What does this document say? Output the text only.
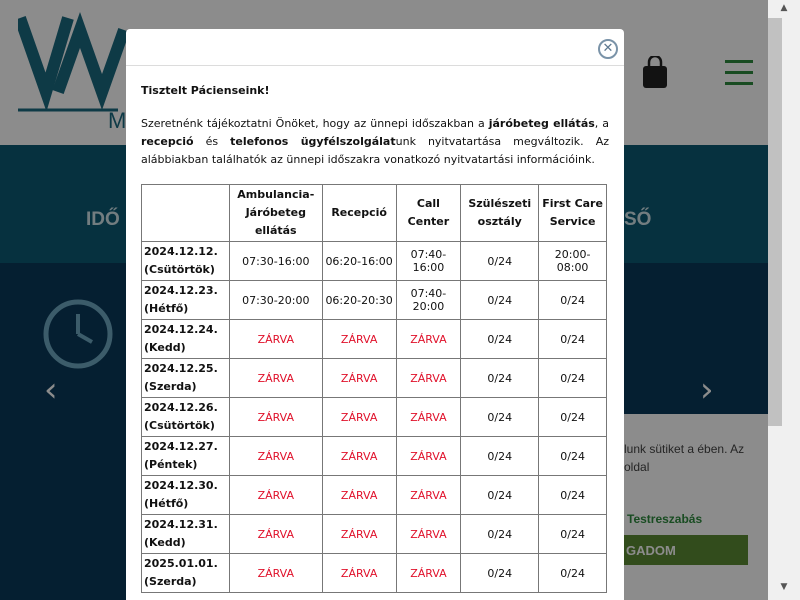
M
IDŐ	SŐ
‹	›
lunk sütiket a ében. Az oldal
Testreszabás
GADOM
▲
▼
✕
Tisztelt Pácienseink!
Szeretnénk tájékoztatni Önöket, hogy az ünnepi időszakban a járóbeteg ellátás, a recepció és telefonos ügyfélszolgálatunk nyitvatartása megváltozik. Az alábbiakban találhatók az ünnepi időszakra vonatkozó nyitvatartási információink.
	Ambulancia-Járóbeteg ellátás	Recepció	Call Center	Szülészeti osztály	First Care Service
2024.12.12.
(Csütörtök)	07:30-16:00	06:20-16:00	07:40-16:00	0/24	20:00-08:00
2024.12.23.
(Hétfő)	07:30-20:00	06:20-20:30	07:40-20:00	0/24	0/24
2024.12.24.
(Kedd)	ZÁRVA	ZÁRVA	ZÁRVA	0/24	0/24
2024.12.25.
(Szerda)	ZÁRVA	ZÁRVA	ZÁRVA	0/24	0/24
2024.12.26.
(Csütörtök)	ZÁRVA	ZÁRVA	ZÁRVA	0/24	0/24
2024.12.27.
(Péntek)	ZÁRVA	ZÁRVA	ZÁRVA	0/24	0/24
2024.12.30.
(Hétfő)	ZÁRVA	ZÁRVA	ZÁRVA	0/24	0/24
2024.12.31.
(Kedd)	ZÁRVA	ZÁRVA	ZÁRVA	0/24	0/24
2025.01.01.
(Szerda)	ZÁRVA	ZÁRVA	ZÁRVA	0/24	0/24
